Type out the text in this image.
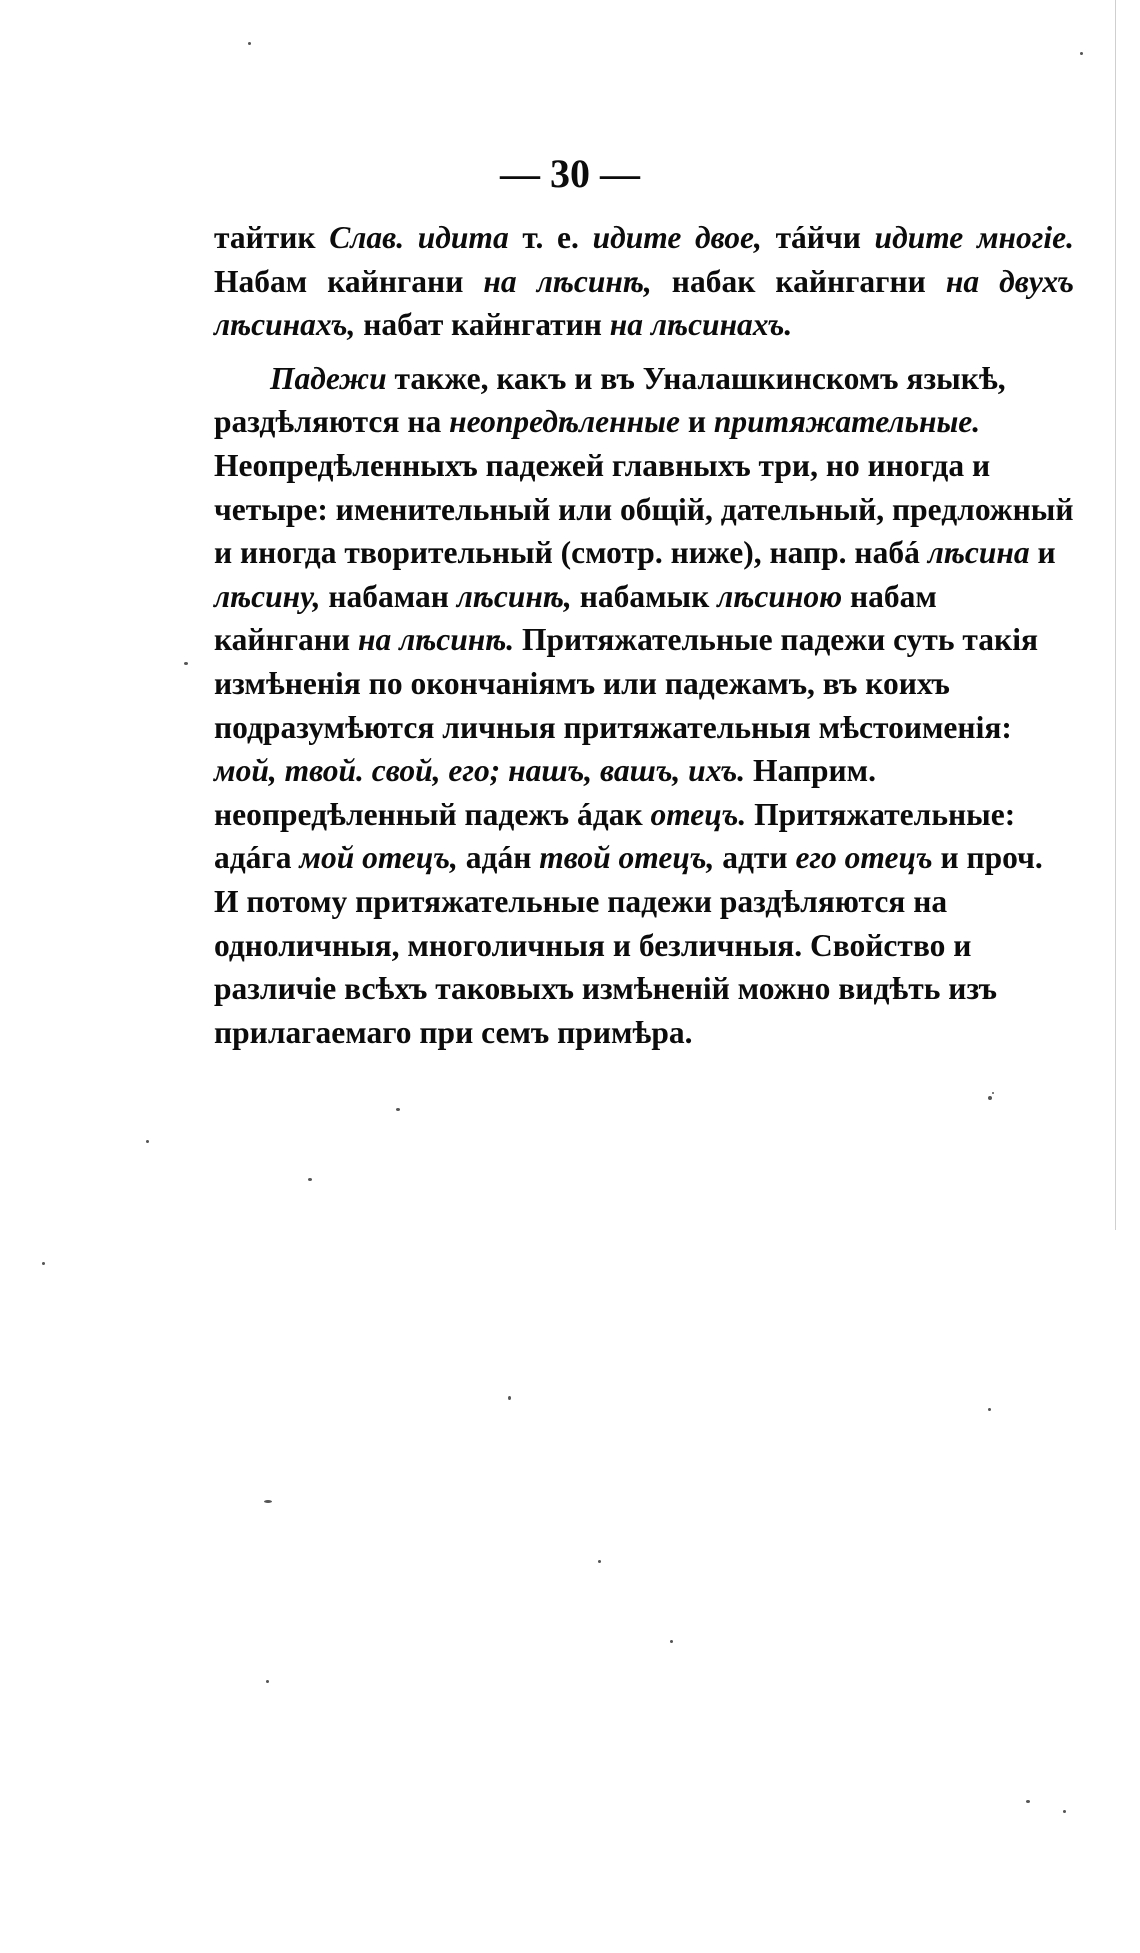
— 30 —

тайтик Слав. идита т. е. идите двое, тáйчи идите многіе. Набам кайнгани на лѣсинѣ, набак кайнгагни на двухъ лѣсинахъ, набат кайнгатин на лѣсинахъ.

Падежи также, какъ и въ Уналашкинскомъ языкѣ, раздѣляются на неопредѣленные и притяжательные. Неопредѣленныхъ падежей главныхъ три, но иногда и четыре: именительный или общій, дательный, предложный и иногда творительный (смотр. ниже), напр. набá лѣсина и лѣсину, набаман лѣсинѣ, набамык лѣсиною набам кайнгани на лѣсинѣ. Притяжательные падежи суть такія измѣненія по окончаніямъ или падежамъ, въ коихъ подразумѣются личныя притяжательныя мѣстоименія: мой, твой. свой, его; нашъ, вашъ, ихъ. Наприм. неопредѣленный падежъ áдак отецъ. Притяжательные: адáга мой отецъ, адáн твой отецъ, адти его отецъ и проч. И потому притяжательные падежи раздѣляются на одноличныя, многоличныя и безличныя. Свойство и различіе всѣхъ таковыхъ измѣненій можно видѣть изъ прилагаемаго при семъ примѣра.
